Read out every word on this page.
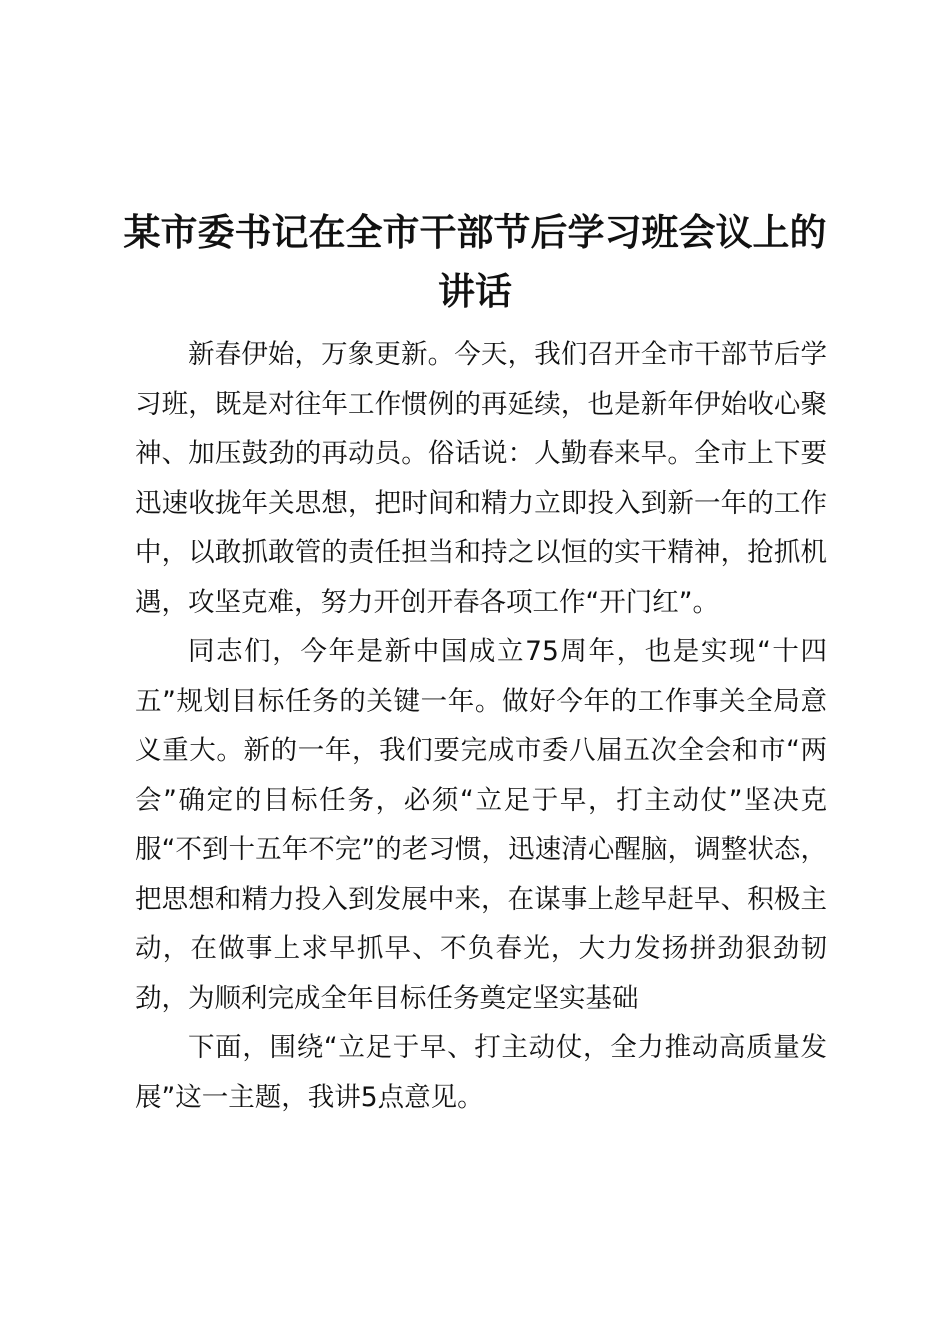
某市委书记在全市干部节后学习班会议上的讲话

新春伊始，万象更新。今天，我们召开全市干部节后学习班，既是对往年工作惯例的再延续，也是新年伊始收心聚神、加压鼓劲的再动员。俗话说：人勤春来早。全市上下要迅速收拢年关思想，把时间和精力立即投入到新一年的工作中，以敢抓敢管的责任担当和持之以恒的实干精神，抢抓机遇，攻坚克难，努力开创开春各项工作“开门红”。

同志们，今年是新中国成立75周年，也是实现“十四五”规划目标任务的关键一年。做好今年的工作事关全局意义重大。新的一年，我们要完成市委八届五次全会和市“两会”确定的目标任务，必须“立足于早，打主动仗”坚决克服“不到十五年不完”的老习惯，迅速清心醒脑，调整状态，把思想和精力投入到发展中来，在谋事上趁早赶早、积极主动，在做事上求早抓早、不负春光，大力发扬拼劲狠劲韧劲，为顺利完成全年目标任务奠定坚实基础

下面，围绕“立足于早、打主动仗，全力推动高质量发展”这一主题，我讲5点意见。
